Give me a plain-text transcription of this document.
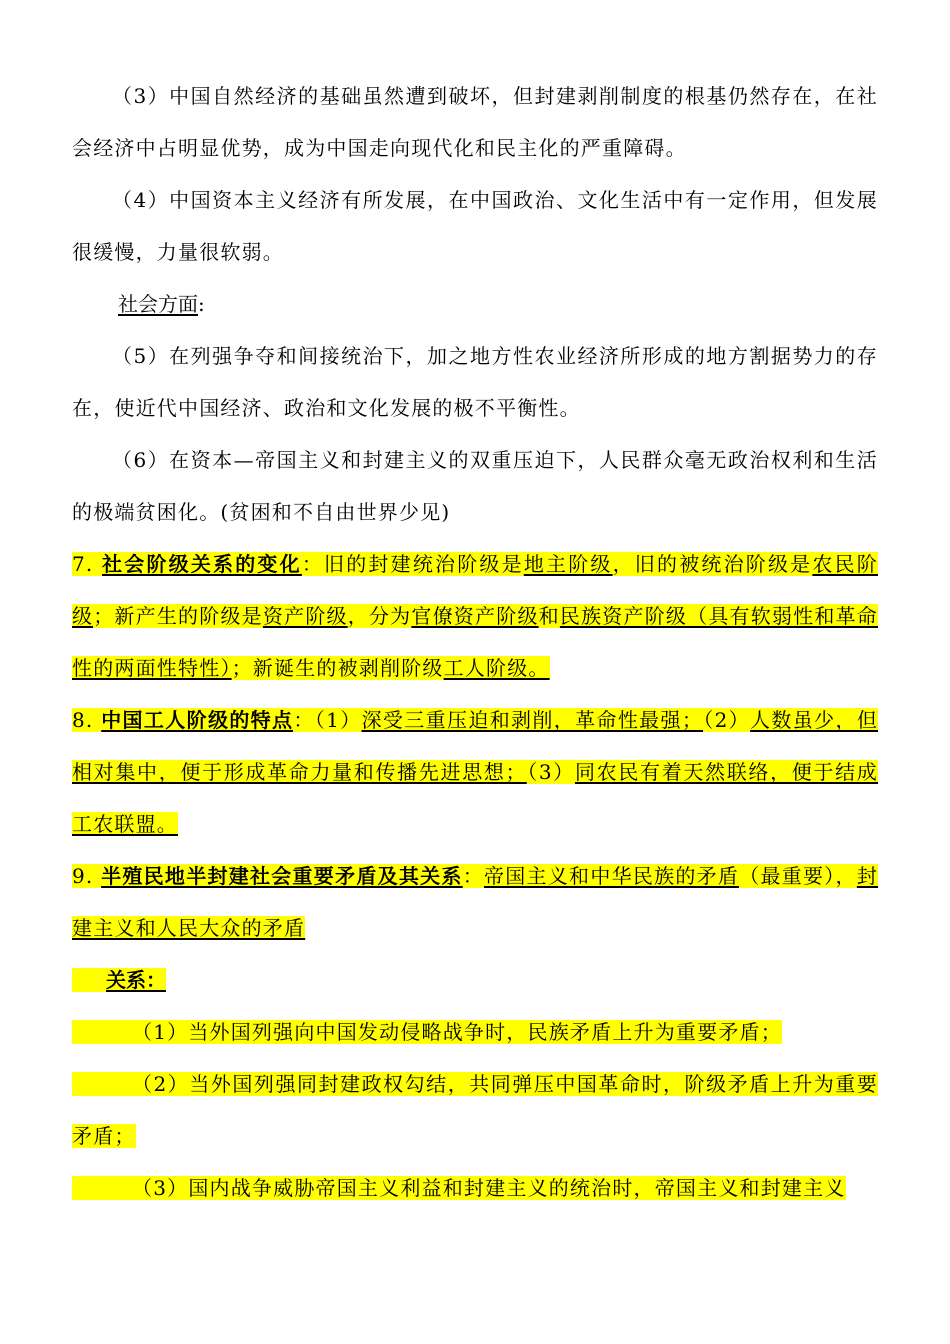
（3）中国自然经济的基础虽然遭到破坏，但封建剥削制度的根基仍然存在，在社会经济中占明显优势，成为中国走向现代化和民主化的严重障碍。

（4）中国资本主义经济有所发展，在中国政治、文化生活中有一定作用，但发展很缓慢，力量很软弱。

社会方面:

（5）在列强争夺和间接统治下，加之地方性农业经济所形成的地方割据势力的存在，使近代中国经济、政治和文化发展的极不平衡性。

（6）在资本—帝国主义和封建主义的双重压迫下，人民群众毫无政治权利和生活的极端贫困化。(贫困和不自由世界少见)

7. 社会阶级关系的变化：旧的封建统治阶级是地主阶级，旧的被统治阶级是农民阶级；新产生的阶级是资产阶级，分为官僚资产阶级和民族资产阶级（具有软弱性和革命性的两面性特性）；新诞生的被剥削阶级工人阶级。

8. 中国工人阶级的特点：（1）深受三重压迫和剥削，革命性最强；（2）人数虽少，但相对集中，便于形成革命力量和传播先进思想；（3）同农民有着天然联络，便于结成工农联盟。

9. 半殖民地半封建社会重要矛盾及其关系：帝国主义和中华民族的矛盾（最重要），封建主义和人民大众的矛盾

关系：

（1）当外国列强向中国发动侵略战争时，民族矛盾上升为重要矛盾；

（2）当外国列强同封建政权勾结，共同弹压中国革命时，阶级矛盾上升为重要矛盾；

（3）国内战争威胁帝国主义利益和封建主义的统治时，帝国主义和封建主义
